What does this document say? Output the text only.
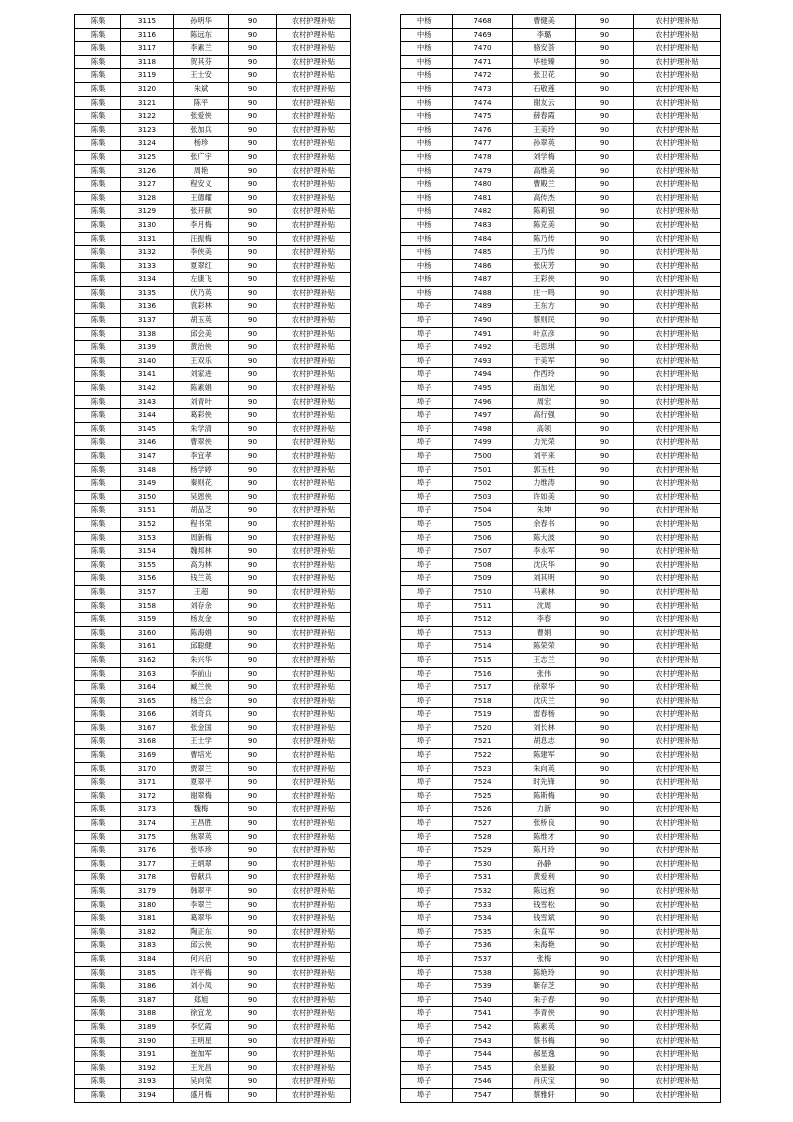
陈集	3115	孙明华	90	农村护理补贴
陈集	3116	陈远东	90	农村护理补贴
陈集	3117	李素兰	90	农村护理补贴
陈集	3118	贺其芬	90	农村护理补贴
陈集	3119	王士安	90	农村护理补贴
陈集	3120	朱斌	90	农村护理补贴
陈集	3121	陈平	90	农村护理补贴
陈集	3122	张爱侠	90	农村护理补贴
陈集	3123	张加兵	90	农村护理补贴
陈集	3124	杨珍	90	农村护理补贴
陈集	3125	张广宇	90	农村护理补贴
陈集	3126	周艳	90	农村护理补贴
陈集	3127	程安义	90	农村护理补贴
陈集	3128	王德耀	90	农村护理补贴
陈集	3129	张开献	90	农村护理补贴
陈集	3130	李月梅	90	农村护理补贴
陈集	3131	汪振梅	90	农村护理补贴
陈集	3132	李侠美	90	农村护理补贴
陈集	3133	夏翠红	90	农村护理补贴
陈集	3134	左康飞	90	农村护理补贴
陈集	3135	伏乃英	90	农村护理补贴
陈集	3136	袁彩林	90	农村护理补贴
陈集	3137	胡玉英	90	农村护理补贴
陈集	3138	邱会美	90	农村护理补贴
陈集	3139	黄治侠	90	农村护理补贴
陈集	3140	王双乐	90	农村护理补贴
陈集	3141	刘家进	90	农村护理补贴
陈集	3142	陈素娟	90	农村护理补贴
陈集	3143	刘青叶	90	农村护理补贴
陈集	3144	葛彩侠	90	农村护理补贴
陈集	3145	朱学清	90	农村护理补贴
陈集	3146	曹翠侠	90	农村护理补贴
陈集	3147	李宜孝	90	农村护理补贴
陈集	3148	杨学婷	90	农村护理补贴
陈集	3149	秦则花	90	农村护理补贴
陈集	3150	吴恩侠	90	农村护理补贴
陈集	3151	胡品芝	90	农村护理补贴
陈集	3152	程书荣	90	农村护理补贴
陈集	3153	周新梅	90	农村护理补贴
陈集	3154	魏邦林	90	农村护理补贴
陈集	3155	高为林	90	农村护理补贴
陈集	3156	钱兰英	90	农村护理补贴
陈集	3157	王超	90	农村护理补贴
陈集	3158	刘存余	90	农村护理补贴
陈集	3159	杨友金	90	农村护理补贴
陈集	3160	陈海娟	90	农村护理补贴
陈集	3161	邱聪健	90	农村护理补贴
陈集	3162	朱兴华	90	农村护理补贴
陈集	3163	李前山	90	农村护理补贴
陈集	3164	臧兰侠	90	农村护理补贴
陈集	3165	杨兰会	90	农村护理补贴
陈集	3166	刘奇兵	90	农村护理补贴
陈集	3167	张金国	90	农村护理补贴
陈集	3168	王士学	90	农村护理补贴
陈集	3169	曹培光	90	农村护理补贴
陈集	3170	贾翠兰	90	农村护理补贴
陈集	3171	夏翠平	90	农村护理补贴
陈集	3172	谢翠梅	90	农村护理补贴
陈集	3173	魏梅	90	农村护理补贴
陈集	3174	王昌胜	90	农村护理补贴
陈集	3175	焦翠英	90	农村护理补贴
陈集	3176	张毕珍	90	农村护理补贴
陈集	3177	王炳翠	90	农村护理补贴
陈集	3178	曾献兵	90	农村护理补贴
陈集	3179	韩翠平	90	农村护理补贴
陈集	3180	李翠兰	90	农村护理补贴
陈集	3181	葛翠华	90	农村护理补贴
陈集	3182	陶正东	90	农村护理补贴
陈集	3183	邱云侠	90	农村护理补贴
陈集	3184	何兴启	90	农村护理补贴
陈集	3185	许平梅	90	农村护理补贴
陈集	3186	刘小凤	90	农村护理补贴
陈集	3187	郑旭	90	农村护理补贴
陈集	3188	徐宜龙	90	农村护理补贴
陈集	3189	李忆霞	90	农村护理补贴
陈集	3190	王明星	90	农村护理补贴
陈集	3191	崔加军	90	农村护理补贴
陈集	3192	王光昌	90	农村护理补贴
陈集	3193	吴向荣	90	农村护理补贴
陈集	3194	盛月梅	90	农村护理补贴
中杨	7468	曹健美	90	农村护理补贴
中杨	7469	李璐	90	农村护理补贴
中杨	7470	骆安荟	90	农村护理补贴
中杨	7471	毕桂臻	90	农村护理补贴
中杨	7472	张卫花	90	农村护理补贴
中杨	7473	石敬莲	90	农村护理补贴
中杨	7474	谢友云	90	农村护理补贴
中杨	7475	薛春霞	90	农村护理补贴
中杨	7476	王美玲	90	农村护理补贴
中杨	7477	孙翠英	90	农村护理补贴
中杨	7478	刘学梅	90	农村护理补贴
中杨	7479	高维美	90	农村护理补贴
中杨	7480	曹殿兰	90	农村护理补贴
中杨	7481	高传杰	90	农村护理补贴
中杨	7482	陈莉银	90	农村护理补贴
中杨	7483	陈克美	90	农村护理补贴
中杨	7484	陈乃传	90	农村护理补贴
中杨	7485	王乃传	90	农村护理补贴
中杨	7486	张庆芳	90	农村护理补贴
中杨	7487	王彩侠	90	农村护理补贴
中杨	7488	庄一鸣	90	农村护理补贴
埠子	7489	王东方	90	农村护理补贴
埠子	7490	蔡则民	90	农村护理补贴
埠子	7491	叶京彦	90	农村护理补贴
埠子	7492	毛思琪	90	农村护理补贴
埠子	7493	于美军	90	农村护理补贴
埠子	7494	作西玲	90	农村护理补贴
埠子	7495	南加光	90	农村护理补贴
埠子	7496	周宏	90	农村护理补贴
埠子	7497	高行强	90	农村护理补贴
埠子	7498	高领	90	农村护理补贴
埠子	7499	力光荣	90	农村护理补贴
埠子	7500	刘平来	90	农村护理补贴
埠子	7501	郭玉柱	90	农村护理补贴
埠子	7502	力维涛	90	农村护理补贴
埠子	7503	许如美	90	农村护理补贴
埠子	7504	朱坤	90	农村护理补贴
埠子	7505	余春书	90	农村护理补贴
埠子	7506	陈大波	90	农村护理补贴
埠子	7507	李永军	90	农村护理补贴
埠子	7508	沈庆华	90	农村护理补贴
埠子	7509	刘其明	90	农村护理补贴
埠子	7510	马素林	90	农村护理补贴
埠子	7511	沈周	90	农村护理补贴
埠子	7512	李春	90	农村护理补贴
埠子	7513	曹娟	90	农村护理补贴
埠子	7514	陈荣荣	90	农村护理补贴
埠子	7515	王志兰	90	农村护理补贴
埠子	7516	张伟	90	农村护理补贴
埠子	7517	徐翠华	90	农村护理补贴
埠子	7518	沈庆兰	90	农村护理补贴
埠子	7519	雷春杨	90	农村护理补贴
埠子	7520	刘长林	90	农村护理补贴
埠子	7521	胡息志	90	农村护理补贴
埠子	7522	陈建军	90	农村护理补贴
埠子	7523	朱向英	90	农村护理补贴
埠子	7524	时先锋	90	农村护理补贴
埠子	7525	陈斯梅	90	农村护理补贴
埠子	7526	力新	90	农村护理补贴
埠子	7527	张桥良	90	农村护理补贴
埠子	7528	陈维才	90	农村护理补贴
埠子	7529	陈月玲	90	农村护理补贴
埠子	7530	孙静	90	农村护理补贴
埠子	7531	黄爱利	90	农村护理补贴
埠子	7532	陈远抱	90	农村护理补贴
埠子	7533	钱雪松	90	农村护理补贴
埠子	7534	钱雪斌	90	农村护理补贴
埠子	7535	朱直军	90	农村护理补贴
埠子	7536	朱海艳	90	农村护理补贴
埠子	7537	张梅	90	农村护理补贴
埠子	7538	陈艳玲	90	农村护理补贴
埠子	7539	靳存芝	90	农村护理补贴
埠子	7540	朱子春	90	农村护理补贴
埠子	7541	李青侠	90	农村护理补贴
埠子	7542	陈素英	90	农村护理补贴
埠子	7543	蔡书梅	90	农村护理补贴
埠子	7544	郝星逸	90	农村护理补贴
埠子	7545	余星毅	90	农村护理补贴
埠子	7546	肖庆宝	90	农村护理补贴
埠子	7547	蔡雅轩	90	农村护理补贴
